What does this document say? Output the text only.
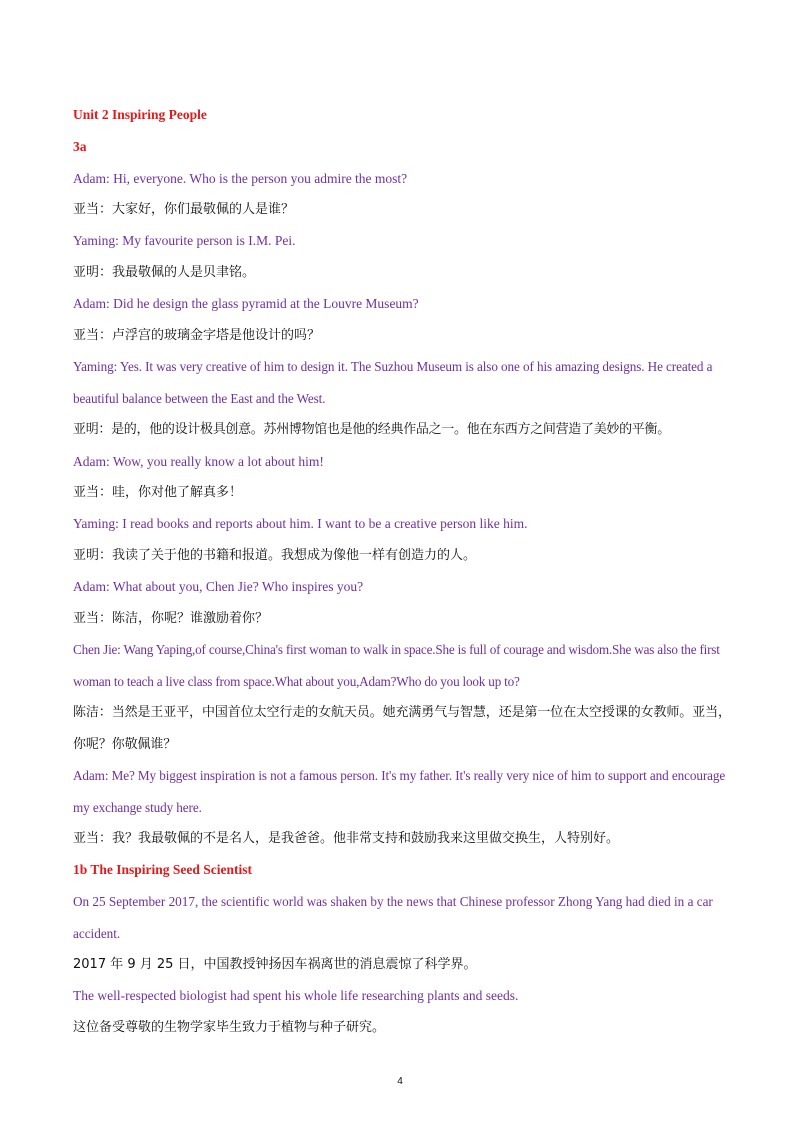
Unit 2 Inspiring People
3a
Adam: Hi, everyone. Who is the person you admire the most?
亚当：大家好，你们最敬佩的人是谁？
Yaming: My favourite person is I.M. Pei.
亚明：我最敬佩的人是贝聿铭。
Adam: Did he design the glass pyramid at the Louvre Museum?
亚当：卢浮宫的玻璃金字塔是他设计的吗？
Yaming: Yes. It was very creative of him to design it. The Suzhou Museum is also one of his amazing designs. He created a beautiful balance between the East and the West.
亚明：是的，他的设计极具创意。苏州博物馆也是他的经典作品之一。他在东西方之间营造了美妙的平衡。
Adam: Wow, you really know a lot about him!
亚当：哇，你对他了解真多！
Yaming: I read books and reports about him. I want to be a creative person like him.
亚明：我读了关于他的书籍和报道。我想成为像他一样有创造力的人。
Adam: What about you, Chen Jie? Who inspires you?
亚当：陈洁，你呢？谁激励着你？
Chen Jie: Wang Yaping,of course,China's first woman to walk in space.She is full of courage and wisdom.She was also the first woman to teach a live class from space.What about you,Adam?Who do you look up to?
陈洁：当然是王亚平，中国首位太空行走的女航天员。她充满勇气与智慧，还是第一位在太空授课的女教师。亚当，你呢？你敬佩谁？
Adam: Me? My biggest inspiration is not a famous person. It's my father. It's really very nice of him to support and encourage my exchange study here.
亚当：我？我最敬佩的不是名人，是我爸爸。他非常支持和鼓励我来这里做交换生，人特别好。
1b The Inspiring Seed Scientist
On 25 September 2017, the scientific world was shaken by the news that Chinese professor Zhong Yang had died in a car accident.
2017 年 9 月 25 日，中国教授钟扬因车祸离世的消息震惊了科学界。
The well-respected biologist had spent his whole life researching plants and seeds.
这位备受尊敬的生物学家毕生致力于植物与种子研究。
4
